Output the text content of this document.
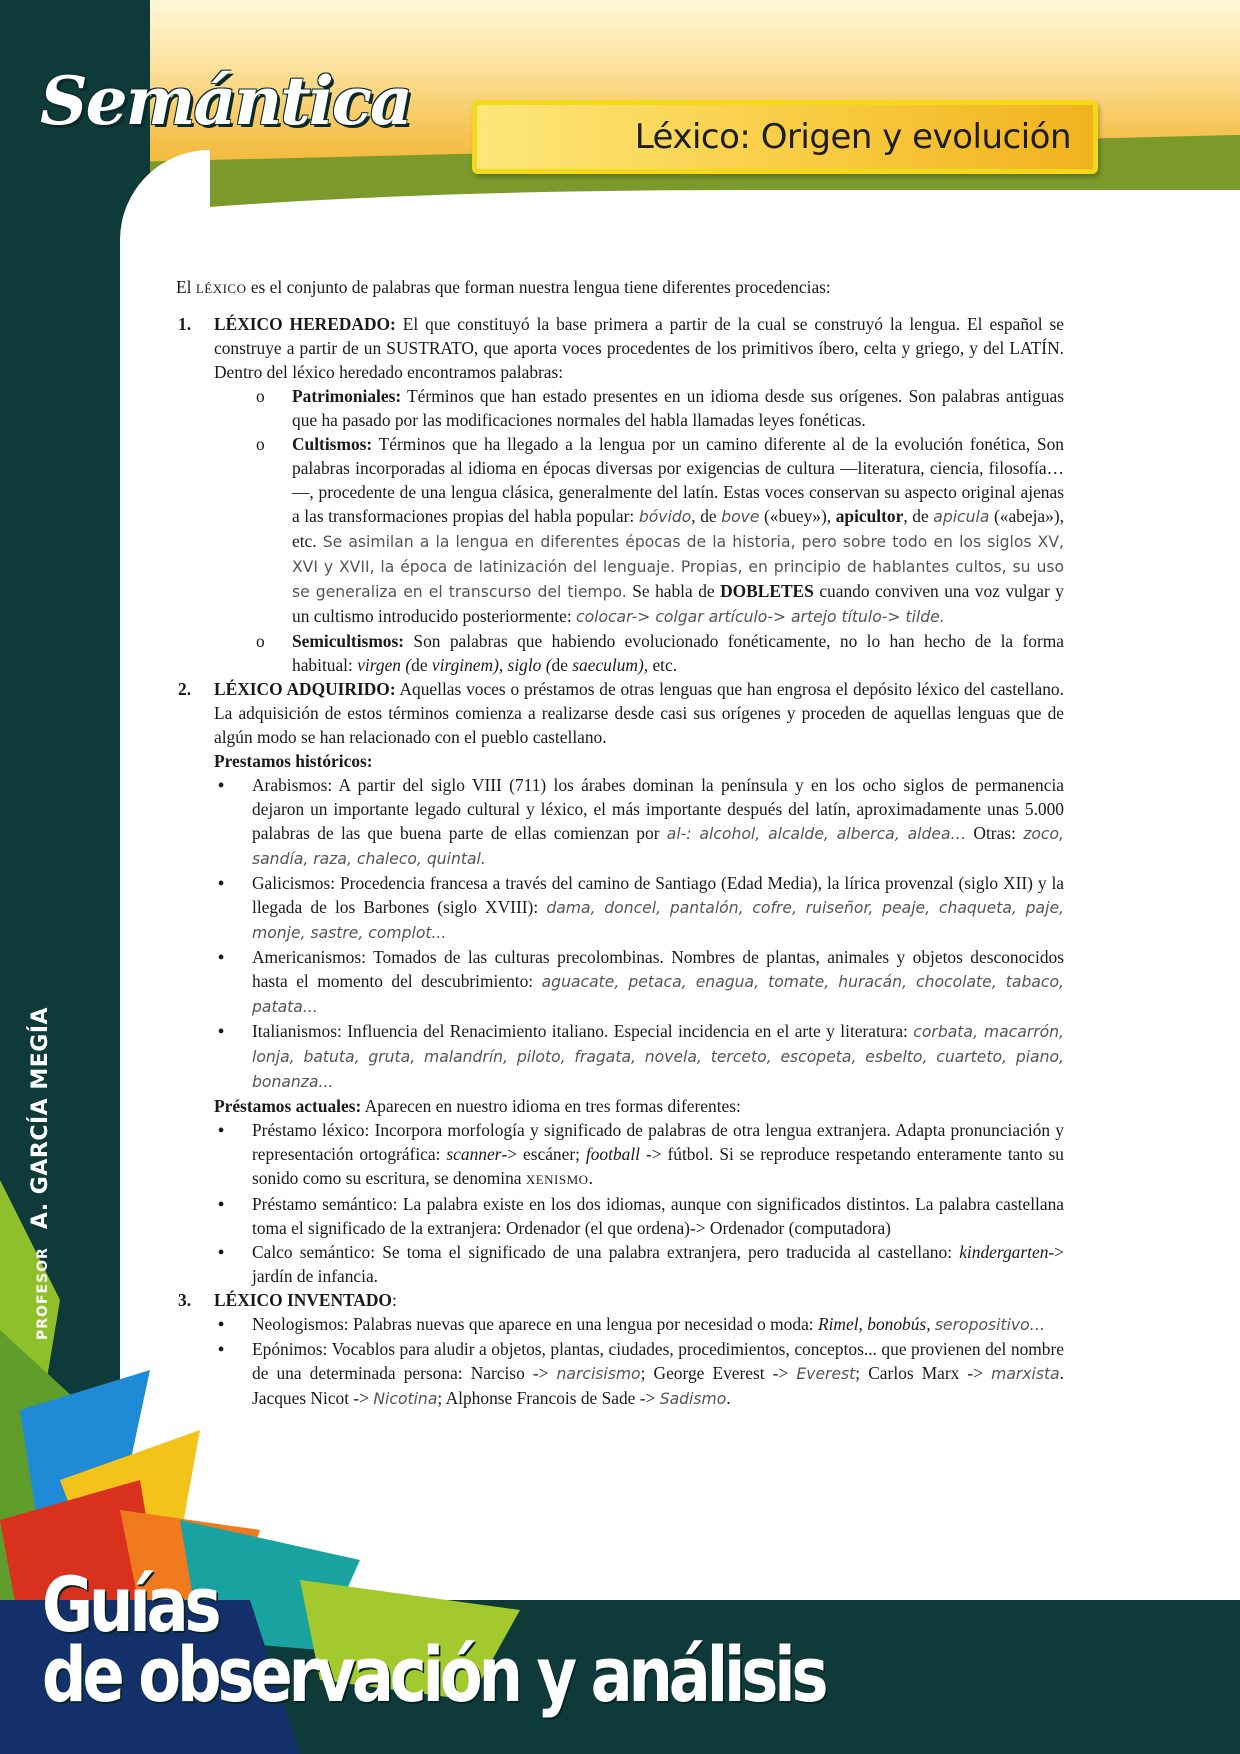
Guías
de observación y análisis
Semántica	Léxico: Origen y evolución
PROFESORA. GARCÍA MEGÍA

El LÉXICO es el conjunto de palabras que forman nuestra lengua tiene diferentes procedencias:

1. LÉXICO HEREDADO: El que constituyó la base primera a partir de la cual se construyó la lengua. El español se construye a partir de un SUSTRATO, que aporta voces procedentes de los primitivos íbero, celta y griego, y del LATÍN. Dentro del léxico heredado encontramos palabras:
o Patrimoniales: Términos que han estado presentes en un idioma desde sus orígenes. Son palabras antiguas que ha pasado por las modificaciones normales del habla llamadas leyes fonéticas.
o Cultismos: Términos que ha llegado a la lengua por un camino diferente al de la evolución fonética, Son palabras incorporadas al idioma en épocas diversas por exigencias de cultura —literatura, ciencia, filosofía…—, procedente de una lengua clásica, generalmente del latín. Estas voces conservan su aspecto original ajenas a las transformaciones propias del habla popular: bóvido, de bove («buey»), apicultor, de apicula («abeja»), etc. Se asimilan a la lengua en diferentes épocas de la historia, pero sobre todo en los siglos XV, XVI y XVII, la época de latinización del lenguaje. Propias, en principio de hablantes cultos, su uso se generaliza en el transcurso del tiempo. Se habla de DOBLETES cuando conviven una voz vulgar y un cultismo introducido posteriormente: colocar-> colgar artículo-> artejo título-> tilde.
o Semicultismos: Son palabras que habiendo evolucionado fonéticamente, no lo han hecho de la forma habitual: virgen (de virginem), siglo (de saeculum), etc.
2. LÉXICO ADQUIRIDO: Aquellas voces o préstamos de otras lenguas que han engrosa el depósito léxico del castellano. La adquisición de estos términos comienza a realizarse desde casi sus orígenes y proceden de aquellas lenguas que de algún modo se han relacionado con el pueblo castellano.
Prestamos históricos:
• Arabismos: A partir del siglo VIII (711) los árabes dominan la península y en los ocho siglos de permanencia dejaron un importante legado cultural y léxico, el más importante después del latín, aproximadamente unas 5.000 palabras de las que buena parte de ellas comienzan por al-: alcohol, alcalde, alberca, aldea… Otras: zoco, sandía, raza, chaleco, quintal.
• Galicismos: Procedencia francesa a través del camino de Santiago (Edad Media), la lírica provenzal (siglo XII) y la llegada de los Barbones (siglo XVIII): dama, doncel, pantalón, cofre, ruiseñor, peaje, chaqueta, paje, monje, sastre, complot...
• Americanismos: Tomados de las culturas precolombinas. Nombres de plantas, animales y objetos desconocidos hasta el momento del descubrimiento: aguacate, petaca, enagua, tomate, huracán, chocolate, tabaco, patata...
• Italianismos: Influencia del Renacimiento italiano. Especial incidencia en el arte y literatura: corbata, macarrón, lonja, batuta, gruta, malandrín, piloto, fragata, novela, terceto, escopeta, esbelto, cuarteto, piano, bonanza...
Préstamos actuales: Aparecen en nuestro idioma en tres formas diferentes:
• Préstamo léxico: Incorpora morfología y significado de palabras de otra lengua extranjera. Adapta pronunciación y representación ortográfica: scanner-> escáner; football -> fútbol. Si se reproduce respetando enteramente tanto su sonido como su escritura, se denomina XENISMO.
• Préstamo semántico: La palabra existe en los dos idiomas, aunque con significados distintos. La palabra castellana toma el significado de la extranjera: Ordenador (el que ordena)-> Ordenador (computadora)
• Calco semántico: Se toma el significado de una palabra extranjera, pero traducida al castellano: kindergarten-> jardín de infancia.
3. LÉXICO INVENTADO:
• Neologismos: Palabras nuevas que aparece en una lengua por necesidad o moda: Rimel, bonobús, seropositivo…
• Epónimos: Vocablos para aludir a objetos, plantas, ciudades, procedimientos, conceptos... que provienen del nombre de una determinada persona: Narciso -> narcisismo; George Everest -> Everest; Carlos Marx -> marxista. Jacques Nicot -> Nicotina; Alphonse Francois de Sade -> Sadismo.
